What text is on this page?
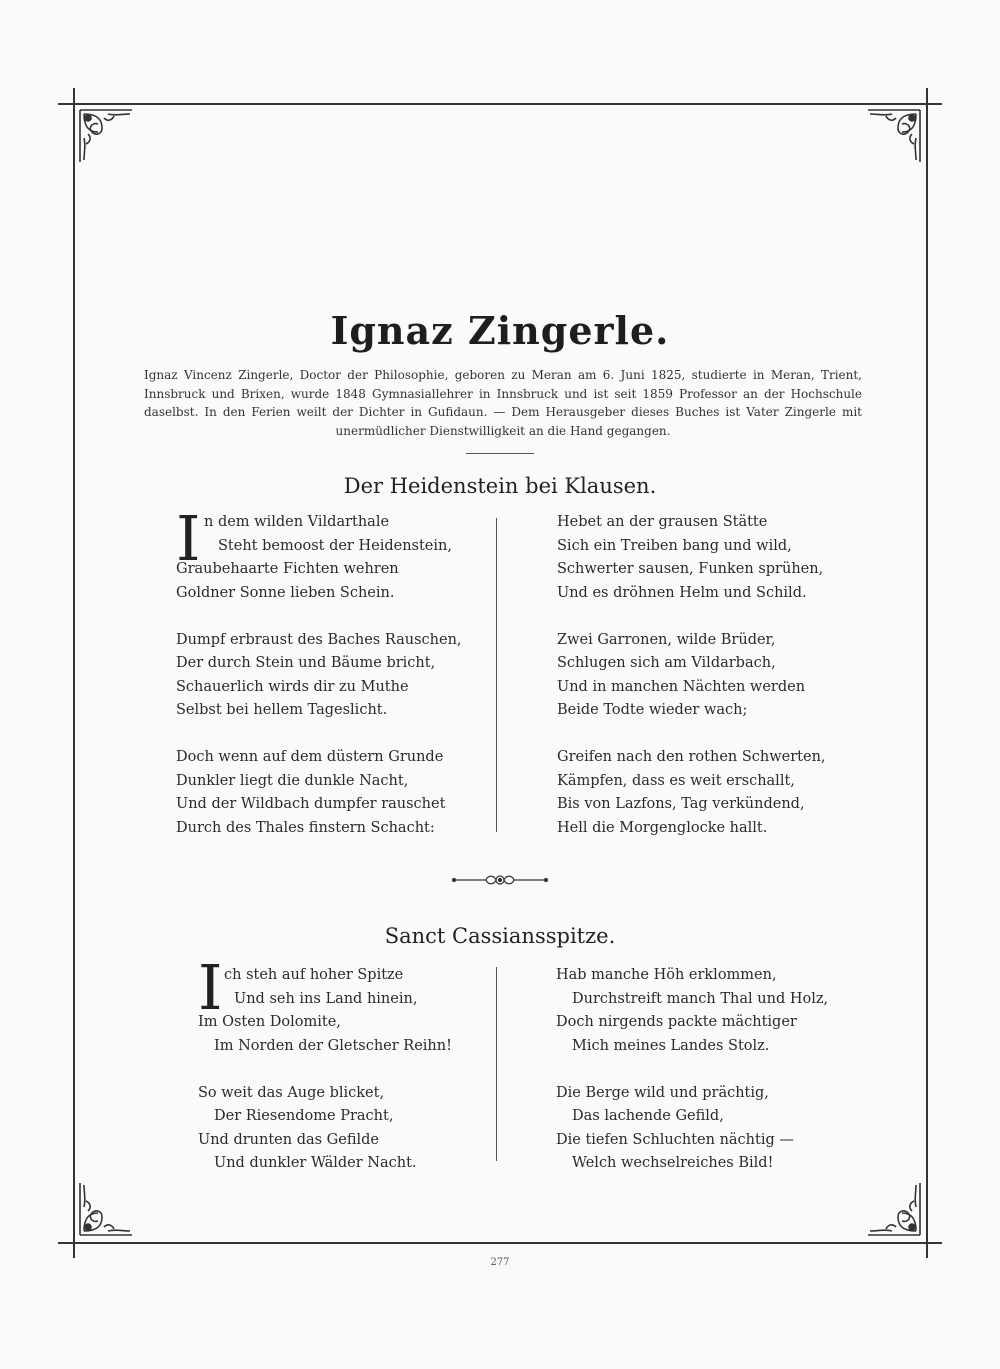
Ignaz Zingerle.
Ignaz Vincenz Zingerle, Doctor der Philosophie, geboren zu Meran am 6. Juni 1825, studierte in Meran, Trient, Innsbruck und Brixen, wurde 1848 Gymnasiallehrer in Innsbruck und ist seit 1859 Professor an der Hochschule daselbst. In den Ferien weilt der Dichter in Gufidaun. — Dem Herausgeber dieses Buches ist Vater Zingerle mit unermüdlicher Dienstwilligkeit an die Hand gegangen.
Der Heidenstein bei Klausen.
I n dem wilden Vildarthale
Steht bemoost der Heidenstein,
Graubehaarte Fichten wehren
Goldner Sonne lieben Schein.
Dumpf erbraust des Baches Rauschen,
Der durch Stein und Bäume bricht,
Schauerlich wirds dir zu Muthe
Selbst bei hellem Tageslicht.
Doch wenn auf dem düstern Grunde
Dunkler liegt die dunkle Nacht,
Und der Wildbach dumpfer rauschet
Durch des Thales finstern Schacht:
Hebet an der grausen Stätte
Sich ein Treiben bang und wild,
Schwerter sausen, Funken sprühen,
Und es dröhnen Helm und Schild.
Zwei Garronen, wilde Brüder,
Schlugen sich am Vildarbach,
Und in manchen Nächten werden
Beide Todte wieder wach;
Greifen nach den rothen Schwerten,
Kämpfen, dass es weit erschallt,
Bis von Lazfons, Tag verkündend,
Hell die Morgenglocke hallt.
Sanct Cassiansspitze.
I ch steh auf hoher Spitze
Und seh ins Land hinein,
Im Osten Dolomite,
Im Norden der Gletscher Reihn!
So weit das Auge blicket,
Der Riesendome Pracht,
Und drunten das Gefilde
Und dunkler Wälder Nacht.
Hab manche Höh erklommen,
Durchstreift manch Thal und Holz,
Doch nirgends packte mächtiger
Mich meines Landes Stolz.
Die Berge wild und prächtig,
Das lachende Gefild,
Die tiefen Schluchten nächtig —
Welch wechselreiches Bild!
277
